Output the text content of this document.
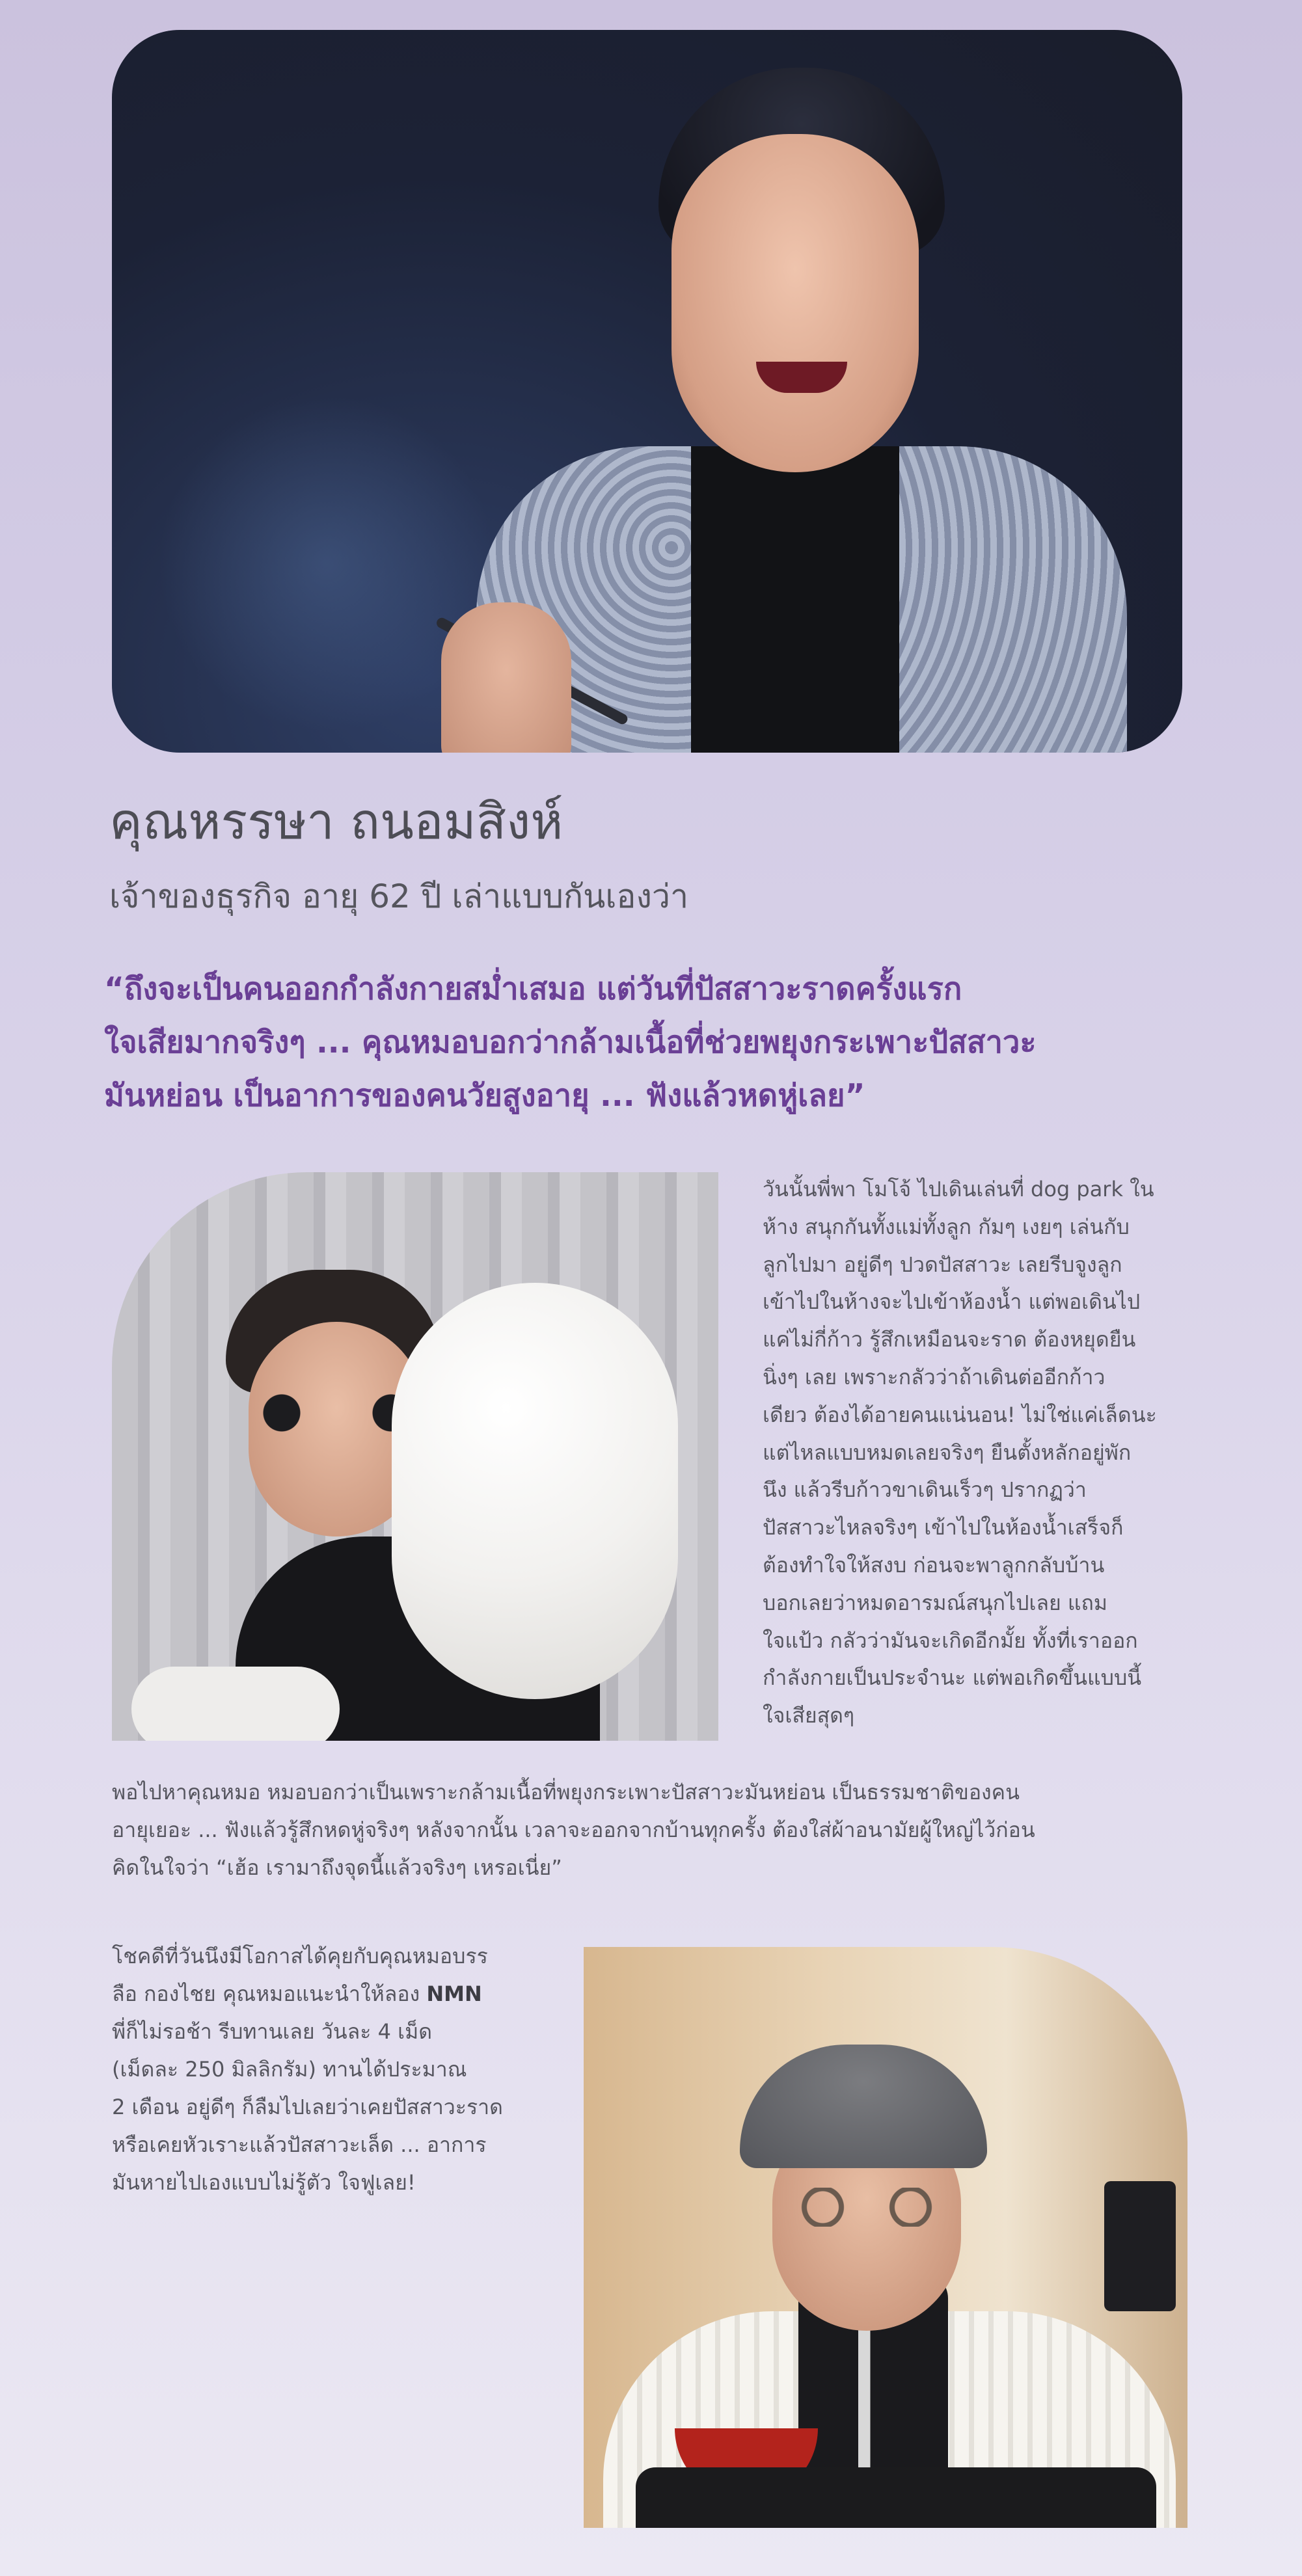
คุณหรรษา ถนอมสิงห์
เจ้าของธุรกิจ อายุ 62 ปี เล่าแบบกันเองว่า
“ถึงจะเป็นคนออกกำลังกายสม่ำเสมอ แต่วันที่ปัสสาวะราดครั้งแรก
ใจเสียมากจริงๆ ... คุณหมอบอกว่ากล้ามเนื้อที่ช่วยพยุงกระเพาะปัสสาวะ
มันหย่อน เป็นอาการของคนวัยสูงอายุ ... ฟังแล้วหดหู่เลย”
วันนั้นพี่พา โมโจ้ ไปเดินเล่นที่ dog park ใน
ห้าง สนุกกันทั้งแม่ทั้งลูก กัมๆ เงยๆ เล่นกับ
ลูกไปมา อยู่ดีๆ ปวดปัสสาวะ เลยรีบจูงลูก
เข้าไปในห้างจะไปเข้าห้องน้ำ แต่พอเดินไป
แค่ไม่กี่ก้าว รู้สึกเหมือนจะราด ต้องหยุดยืน
นิ่งๆ เลย เพราะกลัวว่าถ้าเดินต่ออีกก้าว
เดียว ต้องได้อายคนแน่นอน! ไม่ใช่แค่เล็ดนะ
แต่ไหลแบบหมดเลยจริงๆ ยืนตั้งหลักอยู่พัก
นึง แล้วรีบก้าวขาเดินเร็วๆ ปรากฏว่า
ปัสสาวะไหลจริงๆ เข้าไปในห้องน้ำเสร็จก็
ต้องทำใจให้สงบ ก่อนจะพาลูกกลับบ้าน
บอกเลยว่าหมดอารมณ์สนุกไปเลย แถม
ใจแป้ว กลัวว่ามันจะเกิดอีกมั้ย ทั้งที่เราออก
กำลังกายเป็นประจำนะ แต่พอเกิดขึ้นแบบนี้
ใจเสียสุดๆ
พอไปหาคุณหมอ หมอบอกว่าเป็นเพราะกล้ามเนื้อที่พยุงกระเพาะปัสสาวะมันหย่อน เป็นธรรมชาติของคน
อายุเยอะ ... ฟังแล้วรู้สึกหดหู่จริงๆ หลังจากนั้น เวลาจะออกจากบ้านทุกครั้ง ต้องใส่ผ้าอนามัยผู้ใหญ่ไว้ก่อน
คิดในใจว่า “เฮ้อ เรามาถึงจุดนี้แล้วจริงๆ เหรอเนี่ย”
โชคดีที่วันนึงมีโอกาสได้คุยกับคุณหมอบรร
ลือ กองไชย คุณหมอแนะนำให้ลอง NMN
พี่ก็ไม่รอช้า รีบทานเลย วันละ 4 เม็ด
(เม็ดละ 250 มิลลิกรัม) ทานได้ประมาณ
2 เดือน อยู่ดีๆ ก็ลืมไปเลยว่าเคยปัสสาวะราด
หรือเคยหัวเราะแล้วปัสสาวะเล็ด ... อาการ
มันหายไปเองแบบไม่รู้ตัว ใจฟูเลย!
